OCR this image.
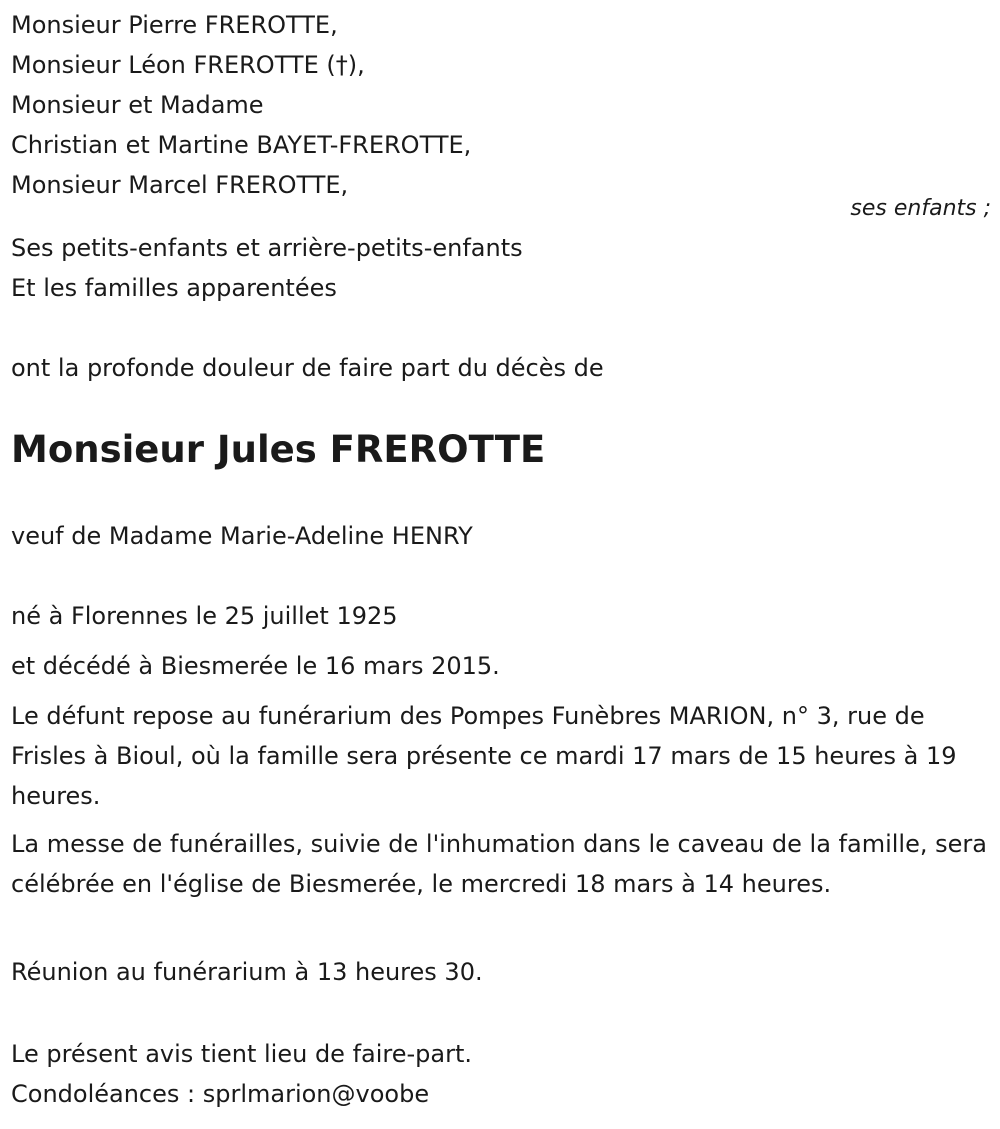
Monsieur Pierre FREROTTE,
Monsieur Léon FREROTTE (†),
Monsieur et Madame
Christian et Martine BAYET-FREROTTE,
Monsieur Marcel FREROTTE,
ses enfants ;
Ses petits-enfants et arrière-petits-enfants
Et les familles apparentées
ont la profonde douleur de faire part du décès de
Monsieur Jules FREROTTE
veuf de Madame Marie-Adeline HENRY
né à Florennes le 25 juillet 1925
et décédé à Biesmerée le 16 mars 2015.
Le défunt repose au funérarium des Pompes Funèbres MARION, n° 3, rue de Frisles à Bioul, où la famille sera présente ce mardi 17 mars de 15 heures à 19 heures.
La messe de funérailles, suivie de l'inhumation dans le caveau de la famille, sera célébrée en l'église de Biesmerée, le mercredi 18 mars à 14 heures.
Réunion au funérarium à 13 heures 30.
Le présent avis tient lieu de faire-part.
Condoléances : sprlmarion@voobe
